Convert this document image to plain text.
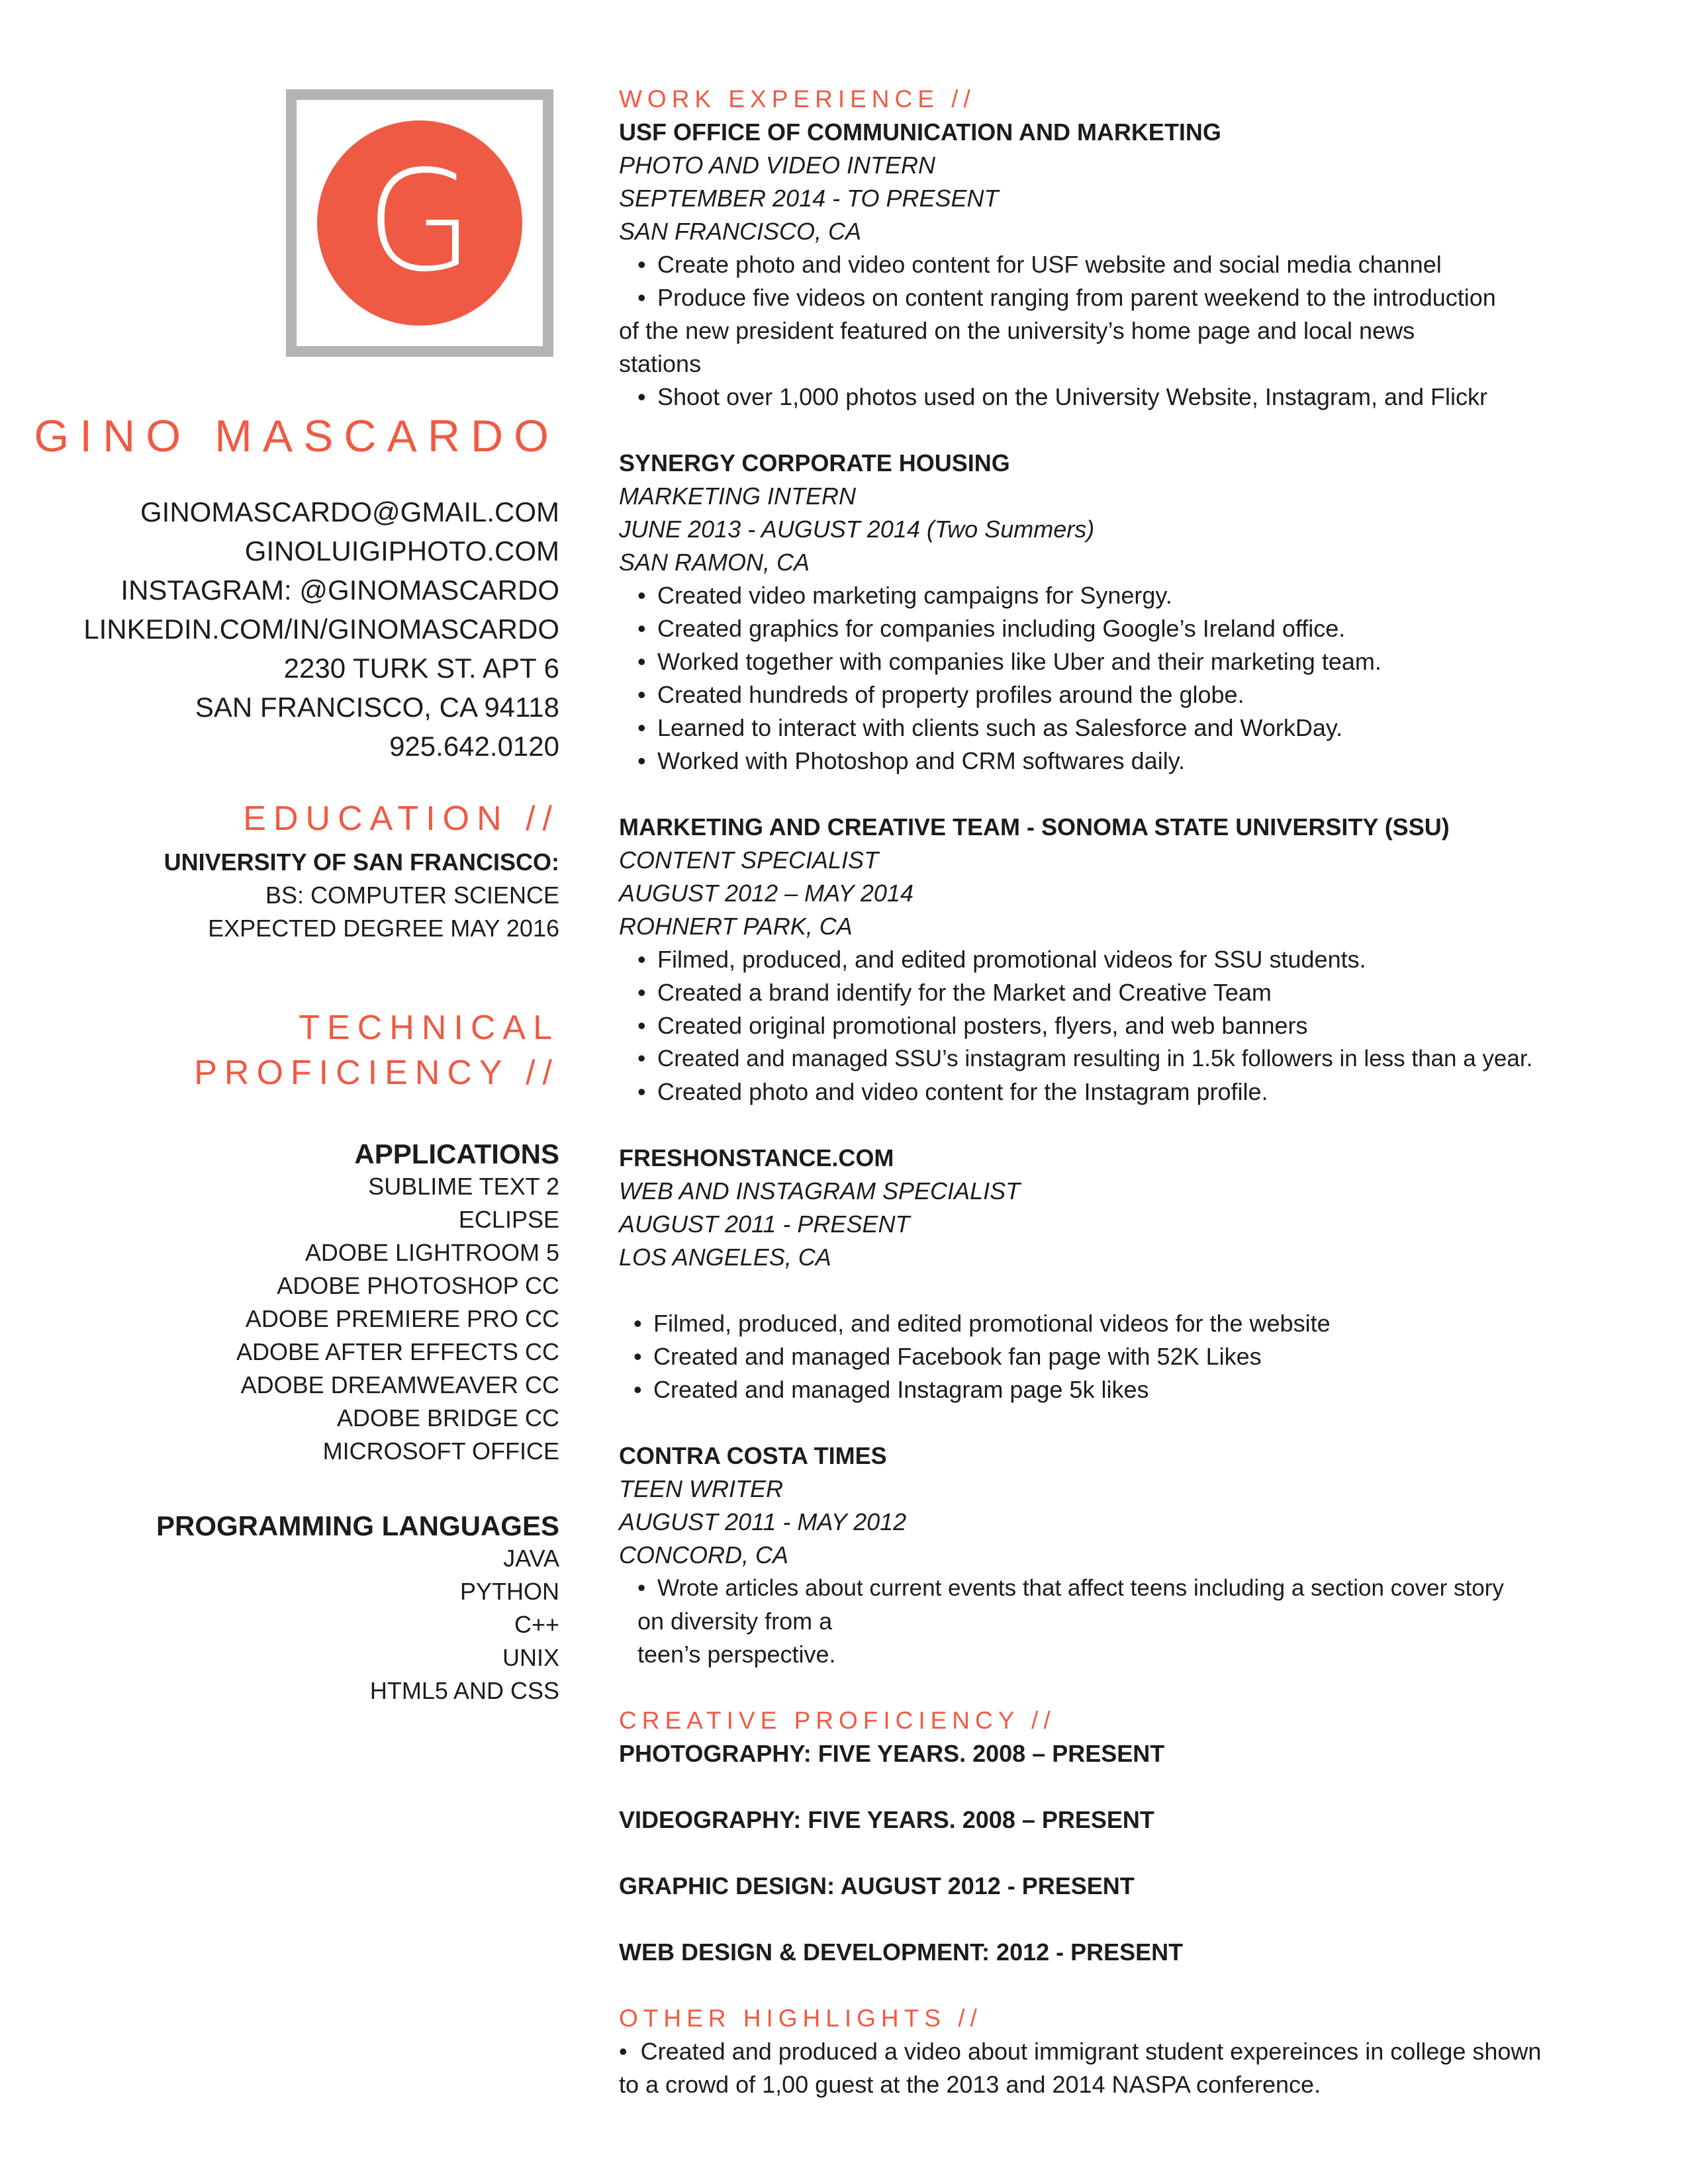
G
GINO MASCARDO
GINOMASCARDO@GMAIL.COM
GINOLUIGIPHOTO.COM
INSTAGRAM: @GINOMASCARDO
LINKEDIN.COM/IN/GINOMASCARDO
2230 TURK ST. APT 6
SAN FRANCISCO, CA 94118
925.642.0120
EDUCATION //
UNIVERSITY OF SAN FRANCISCO:
BS: COMPUTER SCIENCE
EXPECTED DEGREE MAY 2016
TECHNICAL
PROFICIENCY //
APPLICATIONS
SUBLIME TEXT 2
ECLIPSE
ADOBE LIGHTROOM 5
ADOBE PHOTOSHOP CC
ADOBE PREMIERE PRO CC
ADOBE AFTER EFFECTS CC
ADOBE DREAMWEAVER CC
ADOBE BRIDGE CC
MICROSOFT OFFICE
PROGRAMMING LANGUAGES
JAVA
PYTHON
C++
UNIX
HTML5 AND CSS
WORK EXPERIENCE //
USF OFFICE OF COMMUNICATION AND MARKETING
PHOTO AND VIDEO INTERN
SEPTEMBER 2014 - TO PRESENT
SAN FRANCISCO, CA
• Create photo and video content for USF website and social media channel
• Produce five videos on content ranging from parent weekend to the introduction
of the new president featured on the university’s home page and local news
stations
• Shoot over 1,000 photos used on the University Website, Instagram, and Flickr
SYNERGY CORPORATE HOUSING
MARKETING INTERN
JUNE 2013 - AUGUST 2014 (Two Summers)
SAN RAMON, CA
• Created video marketing campaigns for Synergy.
• Created graphics for companies including Google’s Ireland office.
• Worked together with companies like Uber and their marketing team.
• Created hundreds of property profiles around the globe.
• Learned to interact with clients such as Salesforce and WorkDay.
• Worked with Photoshop and CRM softwares daily.
MARKETING AND CREATIVE TEAM - SONOMA STATE UNIVERSITY (SSU)
CONTENT SPECIALIST
AUGUST 2012 – MAY 2014
ROHNERT PARK, CA
• Filmed, produced, and edited promotional videos for SSU students.
• Created a brand identify for the Market and Creative Team
• Created original promotional posters, flyers, and web banners
• Created and managed SSU’s instagram resulting in 1.5k followers in less than a year.
• Created photo and video content for the Instagram profile.
FRESHONSTANCE.COM
WEB AND INSTAGRAM SPECIALIST
AUGUST 2011 - PRESENT
LOS ANGELES, CA
• Filmed, produced, and edited promotional videos for the website
• Created and managed Facebook fan page with 52K Likes
• Created and managed Instagram page 5k likes
CONTRA COSTA TIMES
TEEN WRITER
AUGUST 2011 - MAY 2012
CONCORD, CA
• Wrote articles about current events that affect teens including a section cover story
on diversity from a
teen’s perspective.
CREATIVE PROFICIENCY //
PHOTOGRAPHY: FIVE YEARS. 2008 – PRESENT
VIDEOGRAPHY: FIVE YEARS. 2008 – PRESENT
GRAPHIC DESIGN: AUGUST 2012 - PRESENT
WEB DESIGN & DEVELOPMENT: 2012 - PRESENT
OTHER HIGHLIGHTS //
•  Created and produced a video about immigrant student expereinces in college shown
to a crowd of 1,00 guest at the 2013 and 2014 NASPA conference.
